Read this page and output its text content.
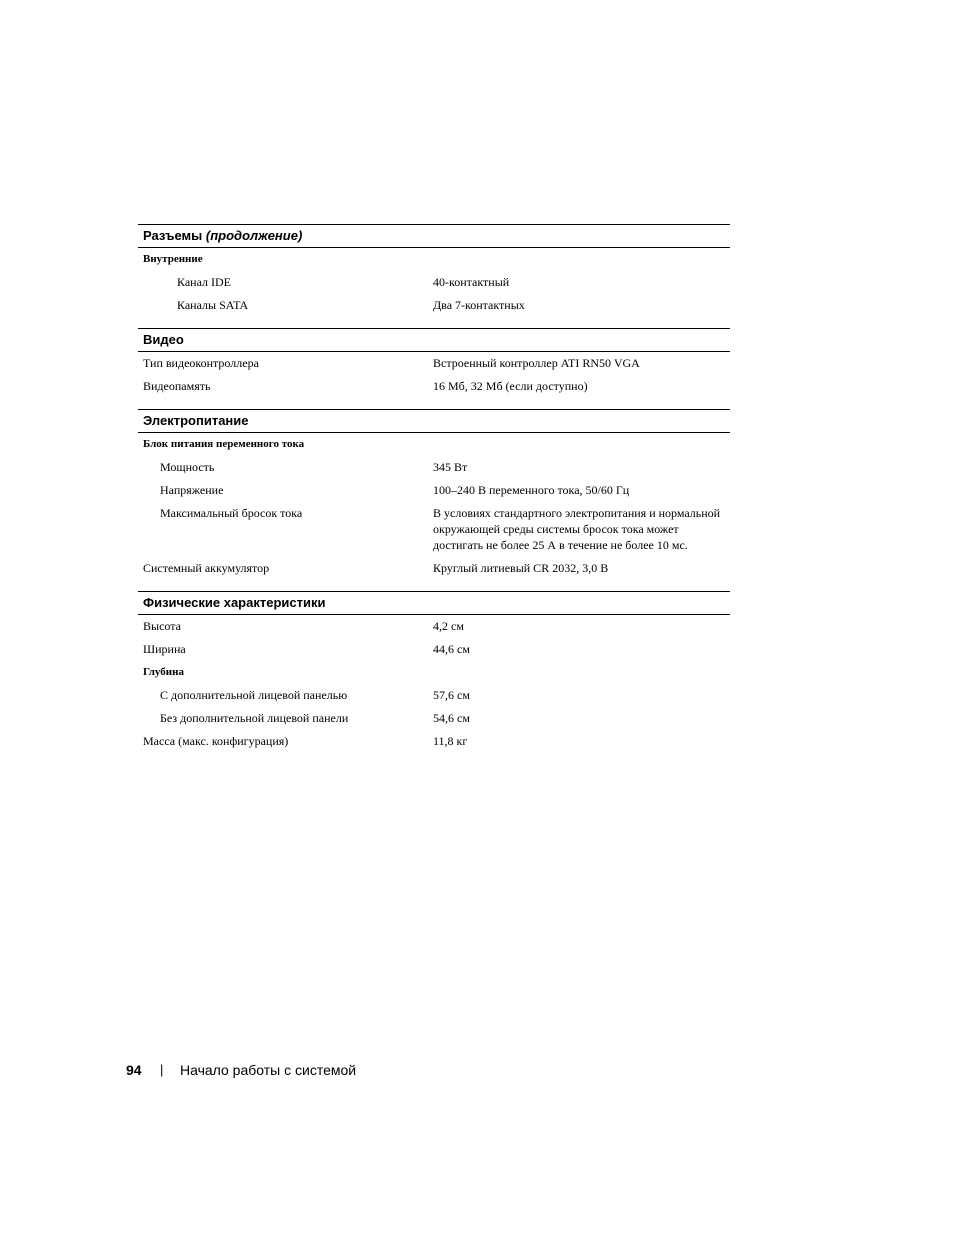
Разъемы (продолжение)
Внутренние
Канал IDE	40-контактный
Каналы SATA	Два 7-контактных
Видео
Тип видеоконтроллера	Встроенный контроллер ATI RN50 VGA
Видеопамять	16 Мб, 32 Мб (если доступно)
Электропитание
Блок питания переменного тока
Мощность	345 Вт
Напряжение	100–240 В переменного тока, 50/60 Гц
Максимальный бросок тока	В условиях стандартного электропитания и нормальной окружающей среды системы бросок тока может достигать не более 25 А в течение не более 10 мс.
Системный аккумулятор	Круглый литиевый CR 2032, 3,0 В
Физические характеристики
Высота	4,2 см
Ширина	44,6 см
Глубина
С дополнительной лицевой панелью	57,6 см
Без дополнительной лицевой панели	54,6 см
Масса (макс. конфигурация)	11,8 кг
94	|	Начало работы с системой
